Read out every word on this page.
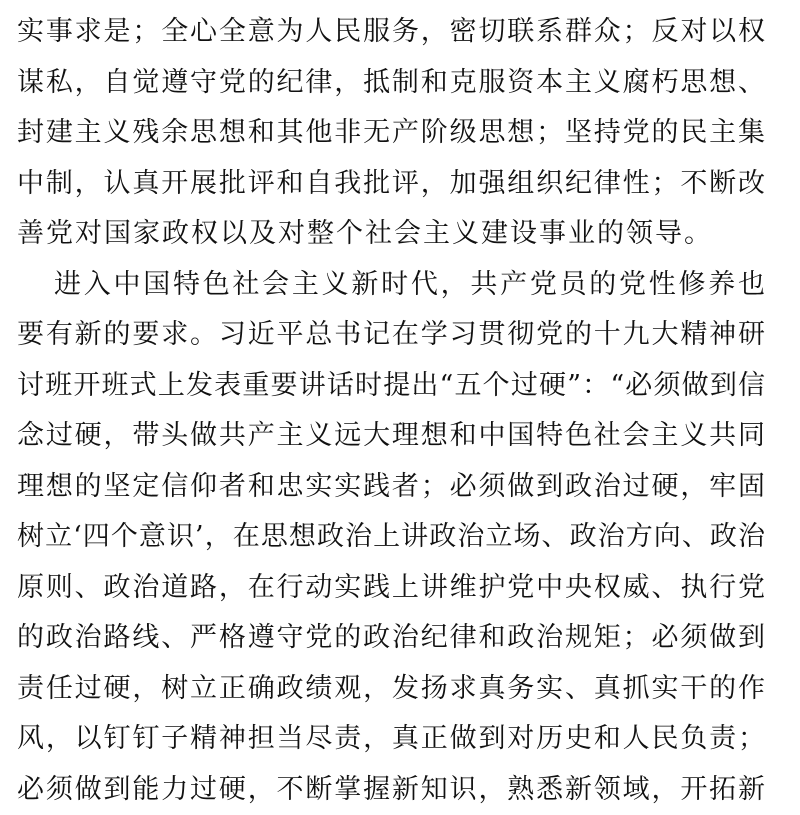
实事求是；全心全意为人民服务，密切联系群众；反对以权
谋私，自觉遵守党的纪律，抵制和克服资本主义腐朽思想、
封建主义残余思想和其他非无产阶级思想；坚持党的民主集
中制，认真开展批评和自我批评，加强组织纪律性；不断改
善党对国家政权以及对整个社会主义建设事业的领导。
进入中国特色社会主义新时代，共产党员的党性修养也
要有新的要求。习近平总书记在学习贯彻党的十九大精神研
讨班开班式上发表重要讲话时提出“五个过硬”：“必须做到信
念过硬，带头做共产主义远大理想和中国特色社会主义共同
理想的坚定信仰者和忠实实践者；必须做到政治过硬，牢固
树立‘四个意识’，在思想政治上讲政治立场、政治方向、政治
原则、政治道路，在行动实践上讲维护党中央权威、执行党
的政治路线、严格遵守党的政治纪律和政治规矩；必须做到
责任过硬，树立正确政绩观，发扬求真务实、真抓实干的作
风，以钉钉子精神担当尽责，真正做到对历史和人民负责；
必须做到能力过硬，不断掌握新知识，熟悉新领域，开拓新
